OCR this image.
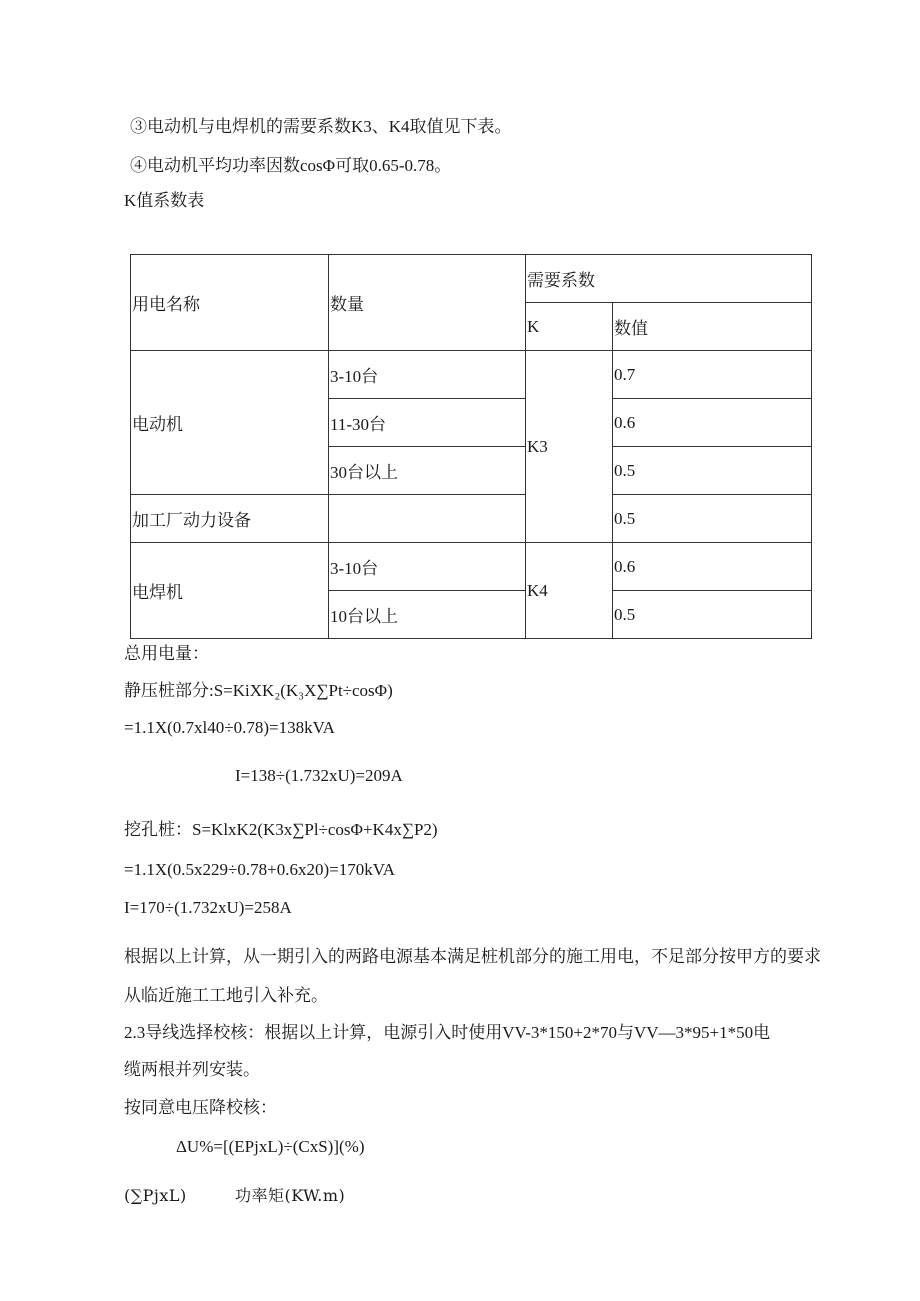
③电动机与电焊机的需要系数K3、K4取值见下表。
④电动机平均功率因数cosΦ可取0.65-0.78。
K值系数表
用电名称	数量	需要系数	
		K	数值
电动机	3-10台	K3	0.7
	11-30台		0.6
	30台以上		0.5
加工厂动力设备			0.5
电焊机	3-10台	K4	0.6
	10台以上		0.5
总用电量：
静压桩部分:S=KiXK₂(K₃X∑Pt÷cosΦ)
=1.1X(0.7xl40÷0.78)=138kVA
I=138÷(1.732xU)=209A
挖孔桩：S=KlxK2(K3x∑Pl÷cosΦ+K4x∑P2)
=1.1X(0.5x229÷0.78+0.6x20)=170kVA
I=170÷(1.732xU)=258A
根据以上计算，从一期引入的两路电源基本满足桩机部分的施工用电，不足部分按甲方的要求
从临近施工工地引入补充。
2.3导线选择校核：根据以上计算，电源引入时使用VV-3*150+2*70与VV—3*95+1*50电
缆两根并列安装。
按同意电压降校核：
ΔU%=[(EPjxL)÷(CxS)](%)
(∑PjxL)	功率矩(KW.m)
